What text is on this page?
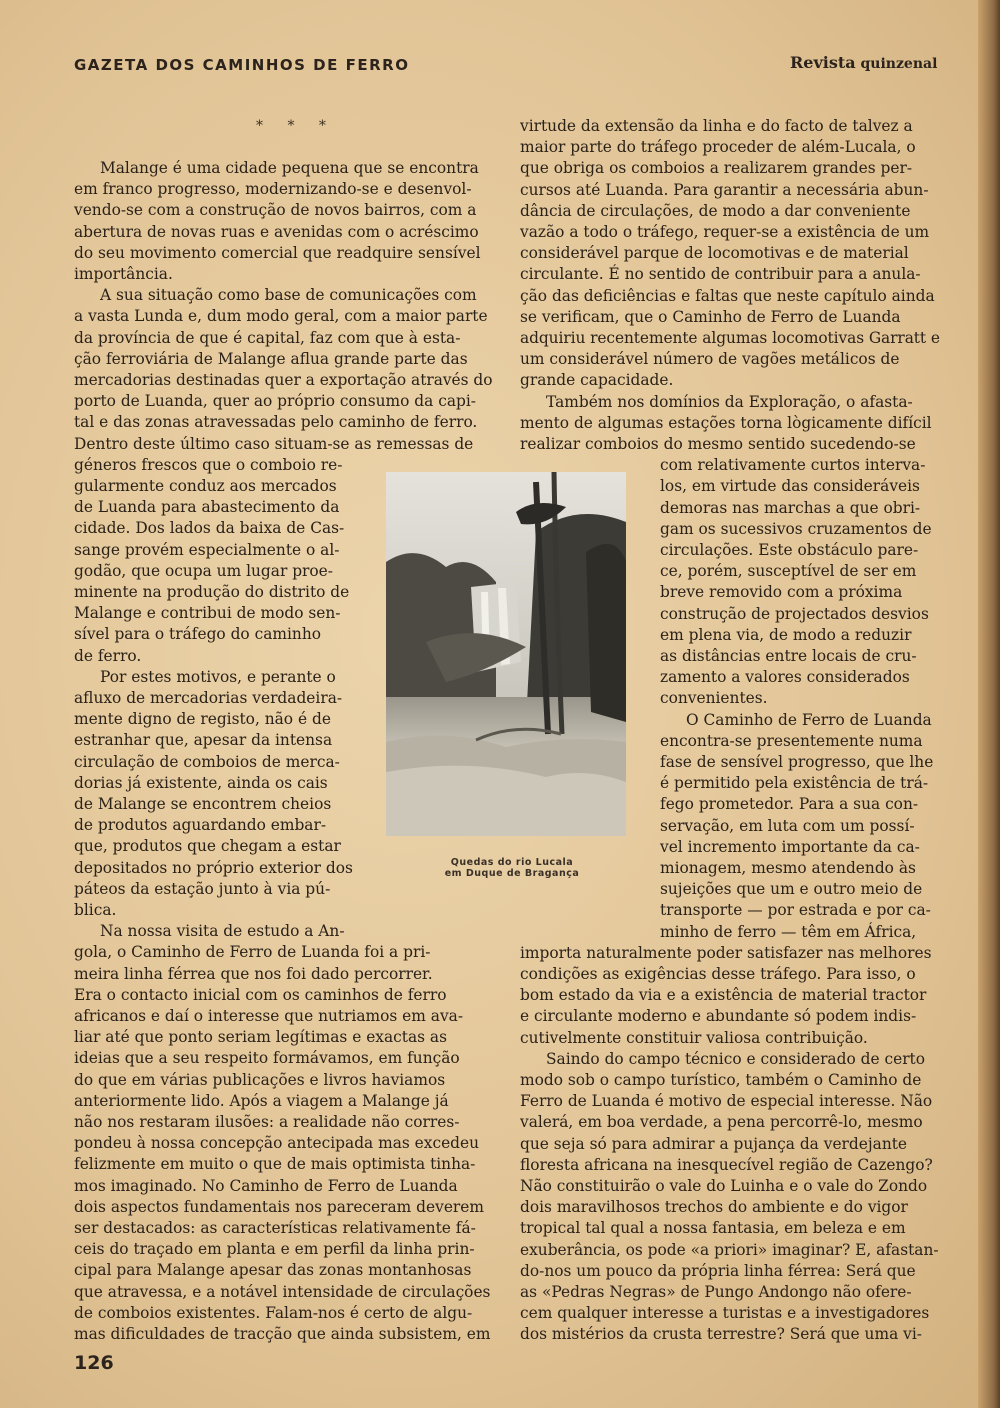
GAZETA DOS CAMINHOS DE FERRO	Revista quinzenal
* * *
Malange é uma cidade pequena que se encontra
em franco progresso, modernizando-se e desenvol-
vendo-se com a construção de novos bairros, com a
abertura de novas ruas e avenidas com o acréscimo
do seu movimento comercial que readquire sensível
importância.
A sua situação como base de comunicações com
a vasta Lunda e, dum modo geral, com a maior parte
da província de que é capital, faz com que à esta-
ção ferroviária de Malange aflua grande parte das
mercadorias destinadas quer a exportação através do
porto de Luanda, quer ao próprio consumo da capi-
tal e das zonas atravessadas pelo caminho de ferro.
Dentro deste último caso situam-se as remessas de
géneros frescos que o comboio re-
gularmente conduz aos mercados
de Luanda para abastecimento da
cidade. Dos lados da baixa de Cas-
sange provém especialmente o al-
godão, que ocupa um lugar proe-
minente na produção do distrito de
Malange e contribui de modo sen-
sível para o tráfego do caminho
de ferro.
Por estes motivos, e perante o
afluxo de mercadorias verdadeira-
mente digno de registo, não é de
estranhar que, apesar da intensa
circulação de comboios de merca-
dorias já existente, ainda os cais
de Malange se encontrem cheios
de produtos aguardando embar-
que, produtos que chegam a estar
depositados no próprio exterior dos
páteos da estação junto à via pú-
blica.
Na nossa visita de estudo a An-
gola, o Caminho de Ferro de Luanda foi a pri-
meira linha férrea que nos foi dado percorrer.
Era o contacto inicial com os caminhos de ferro
africanos e daí o interesse que nutriamos em ava-
liar até que ponto seriam legítimas e exactas as
ideias que a seu respeito formávamos, em função
do que em várias publicações e livros haviamos
anteriormente lido. Após a viagem a Malange já
não nos restaram ilusões: a realidade não corres-
pondeu à nossa concepção antecipada mas excedeu
felizmente em muito o que de mais optimista tinha-
mos imaginado. No Caminho de Ferro de Luanda
dois aspectos fundamentais nos pareceram deverem
ser destacados: as características relativamente fá-
ceis do traçado em planta e em perfil da linha prin-
cipal para Malange apesar das zonas montanhosas
que atravessa, e a notável intensidade de circulações
de comboios existentes. Falam-nos é certo de algu-
mas dificuldades de tracção que ainda subsistem, em
virtude da extensão da linha e do facto de talvez a
maior parte do tráfego proceder de além-Lucala, o
que obriga os comboios a realizarem grandes per-
cursos até Luanda. Para garantir a necessária abun-
dância de circulações, de modo a dar conveniente
vazão a todo o tráfego, requer-se a existência de um
considerável parque de locomotivas e de material
circulante. É no sentido de contribuir para a anula-
ção das deficiências e faltas que neste capítulo ainda
se verificam, que o Caminho de Ferro de Luanda
adquiriu recentemente algumas locomotivas Garratt e
um considerável número de vagões metálicos de
grande capacidade.
Também nos domínios da Exploração, o afasta-
mento de algumas estações torna lògicamente difícil
realizar comboios do mesmo sentido sucedendo-se
com relativamente curtos interva-
los, em virtude das consideráveis
demoras nas marchas a que obri-
gam os sucessivos cruzamentos de
circulações. Este obstáculo pare-
ce, porém, susceptível de ser em
breve removido com a próxima
construção de projectados desvios
em plena via, de modo a reduzir
as distâncias entre locais de cru-
zamento a valores considerados
convenientes.
O Caminho de Ferro de Luanda
encontra-se presentemente numa
fase de sensível progresso, que lhe
é permitido pela existência de trá-
fego prometedor. Para a sua con-
servação, em luta com um possí-
vel incremento importante da ca-
mionagem, mesmo atendendo às
sujeições que um e outro meio de
transporte — por estrada e por ca-
minho de ferro — têm em África,
importa naturalmente poder satisfazer nas melhores
condições as exigências desse tráfego. Para isso, o
bom estado da via e a existência de material tractor
e circulante moderno e abundante só podem indis-
cutivelmente constituir valiosa contribuição.
Saindo do campo técnico e considerado de certo
modo sob o campo turístico, também o Caminho de
Ferro de Luanda é motivo de especial interesse. Não
valerá, em boa verdade, a pena percorrê-lo, mesmo
que seja só para admirar a pujança da verdejante
floresta africana na inesquecível região de Cazengo?
Não constituirão o vale do Luinha e o vale do Zondo
dois maravilhosos trechos do ambiente e do vigor
tropical tal qual a nossa fantasia, em beleza e em
exuberância, os pode «a priori» imaginar? E, afastan-
do-nos um pouco da própria linha férrea: Será que
as «Pedras Negras» de Pungo Andongo não ofere-
cem qualquer interesse a turistas e a investigadores
dos mistérios da crusta terrestre? Será que uma vi-
Quedas do rio Lucala
em Duque de Bragança
126
